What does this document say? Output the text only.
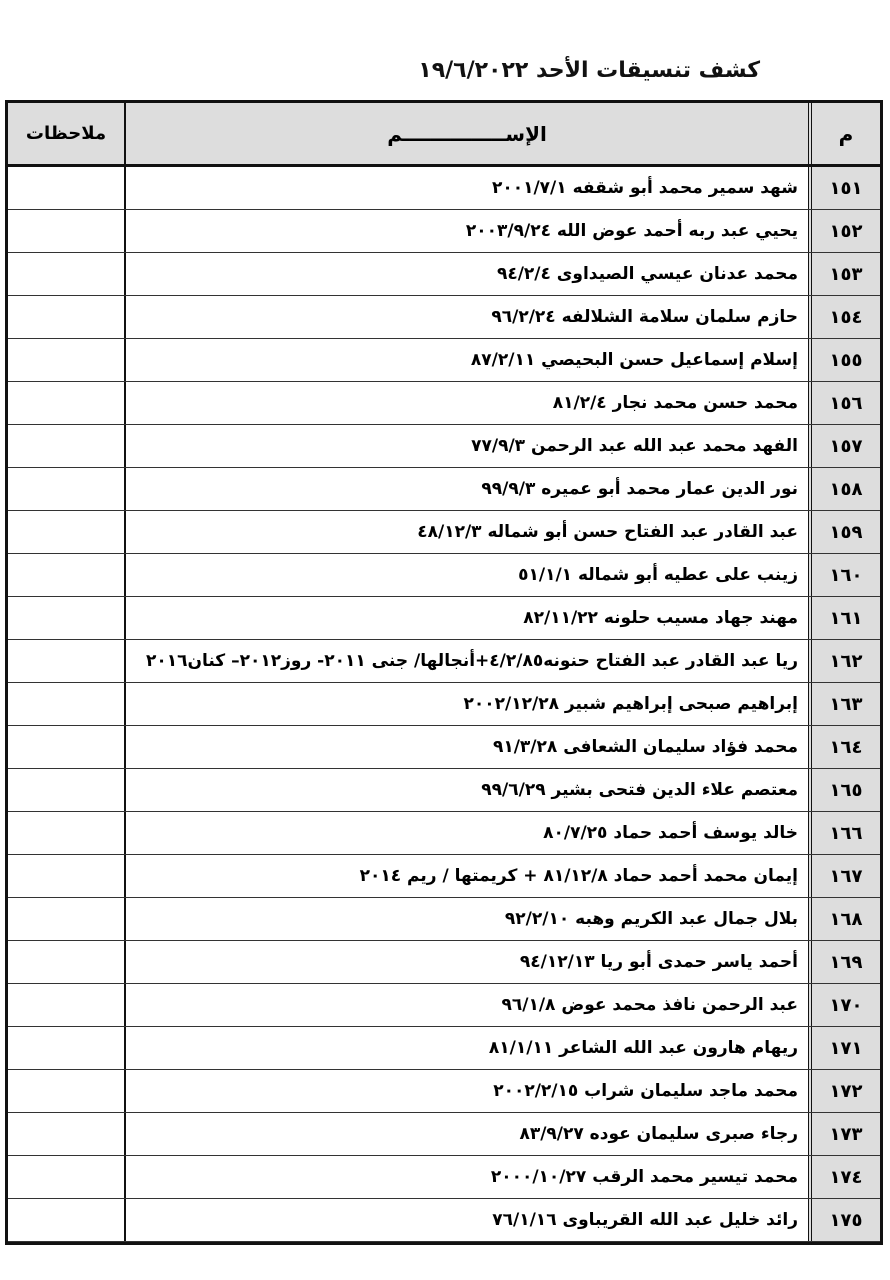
كشف تنسيقات الأحد ١٩/٦/٢٠٢٢
م
الإســـــــــــــــم
ملاحظات
١٥١
شهد سمير محمد أبو شقفه ٢٠٠١/٧/١
١٥٢
يحيي عبد ربه أحمد عوض الله ٢٠٠٣/٩/٢٤
١٥٣
محمد عدنان عيسي الصيداوى ٩٤/٢/٤
١٥٤
حازم سلمان سلامة الشلالفه ٩٦/٢/٢٤
١٥٥
إسلام إسماعيل حسن البحيصي ٨٧/٢/١١
١٥٦
محمد حسن محمد نجار ٨١/٢/٤
١٥٧
الفهد محمد عبد الله عبد الرحمن ٧٧/٩/٣
١٥٨
نور الدين عمار محمد أبو عميره ٩٩/٩/٣
١٥٩
عبد القادر عبد الفتاح حسن أبو شماله ٤٨/١٢/٣
١٦٠
زينب على عطيه أبو شماله ٥١/١/١
١٦١
مهند جهاد مسيب حلونه ٨٢/١١/٢٢
١٦٢
ريا عبد القادر عبد الفتاح حنونه٤/٢/٨٥+أنجالها/ جنى ٢٠١١- روز٢٠١٢– كنان٢٠١٦
١٦٣
إبراهيم صبحى إبراهيم شبير ٢٠٠٢/١٢/٢٨
١٦٤
محمد فؤاد سليمان الشعافى ٩١/٣/٢٨
١٦٥
معتصم علاء الدين فتحى بشير ٩٩/٦/٢٩
١٦٦
خالد يوسف أحمد حماد ٨٠/٧/٢٥
١٦٧
إيمان محمد أحمد حماد ٨١/١٢/٨ + كريمتها / ريم ٢٠١٤
١٦٨
بلال جمال عبد الكريم وهبه ٩٢/٢/١٠
١٦٩
أحمد ياسر حمدى أبو ريا ٩٤/١٢/١٣
١٧٠
عبد الرحمن نافذ محمد عوض ٩٦/١/٨
١٧١
ريهام هارون عبد الله الشاعر ٨١/١/١١
١٧٢
محمد ماجد سليمان شراب ٢٠٠٢/٢/١٥
١٧٣
رجاء صبرى سليمان عوده ٨٣/٩/٢٧
١٧٤
محمد تيسير محمد الرقب ٢٠٠٠/١٠/٢٧
١٧٥
رائد خليل عبد الله القريباوى ٧٦/١/١٦
